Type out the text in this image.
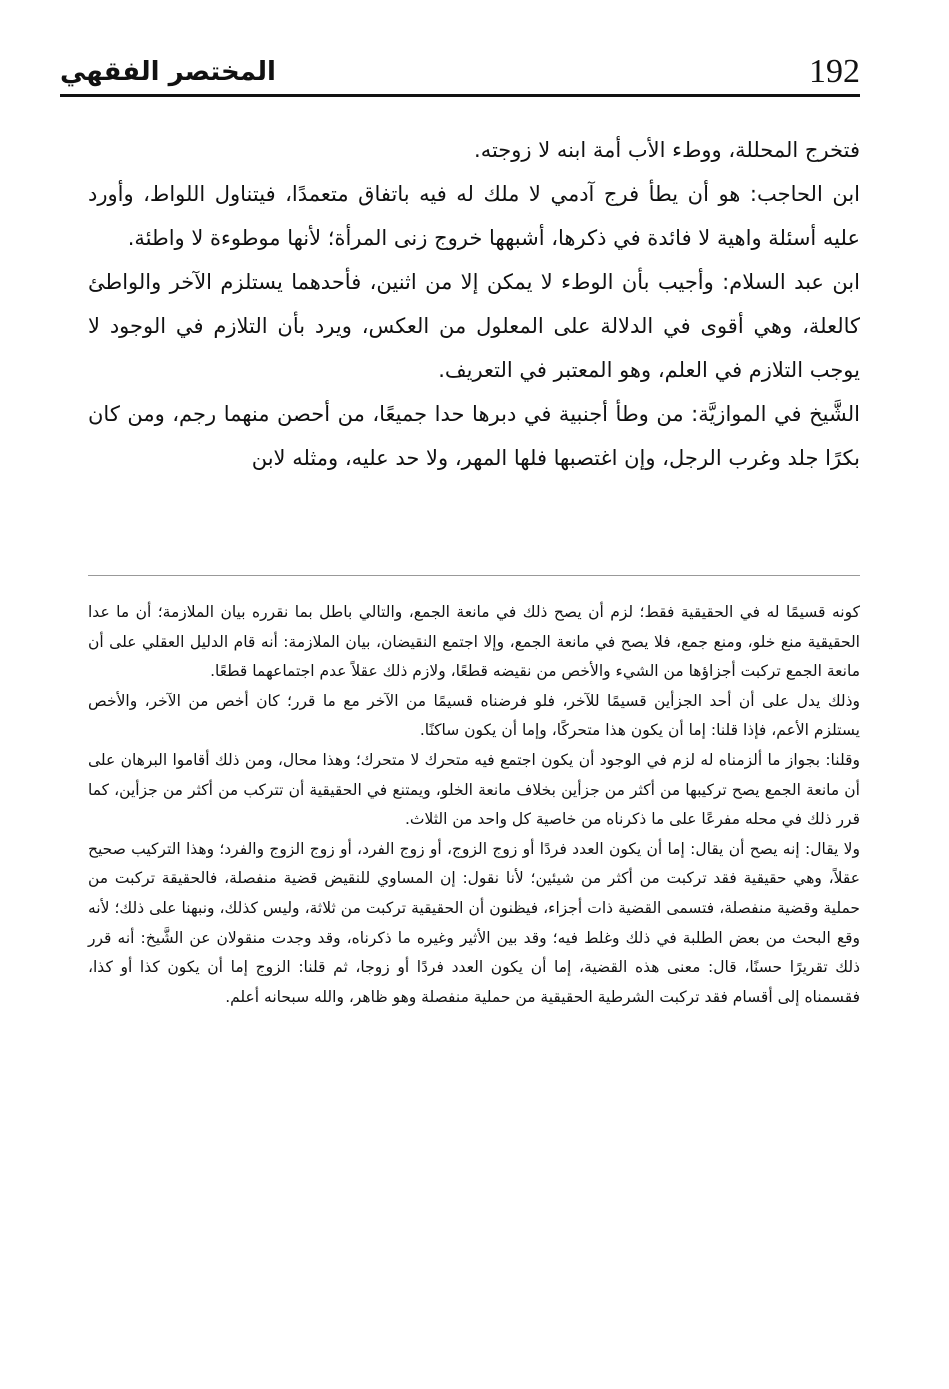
192
المختصر الفقهي

فتخرج المحللة، ووطء الأب أمة ابنه لا زوجته.

ابن الحاجب: هو أن يطأ فرج آدمي لا ملك له فيه باتفاق متعمدًا، فيتناول اللواط، وأورد عليه أسئلة واهية لا فائدة في ذكرها، أشبهها خروج زنى المرأة؛ لأنها موطوءة لا واطئة.

ابن عبد السلام: وأجيب بأن الوطء لا يمكن إلا من اثنين، فأحدهما يستلزم الآخر والواطئ كالعلة، وهي أقوى في الدلالة على المعلول من العكس، ويرد بأن التلازم في الوجود لا يوجب التلازم في العلم، وهو المعتبر في التعريف.

الشَّيخ في الموازيَّة: من وطأ أجنبية في دبرها حدا جميعًا، من أحصن منهما رجم، ومن كان بكرًا جلد وغرب الرجل، وإن اغتصبها فلها المهر، ولا حد عليه، ومثله لابن

كونه قسيمًا له في الحقيقية فقط؛ لزم أن يصح ذلك في مانعة الجمع، والتالي باطل بما نقرره بيان الملازمة؛ أن ما عدا الحقيقية منع خلو، ومنع جمع، فلا يصح في مانعة الجمع، وإلا اجتمع النقيضان، بيان الملازمة: أنه قام الدليل العقلي على أن مانعة الجمع تركبت أجزاؤها من الشيء والأخص من نقيضه قطعًا، ولازم ذلك عقلاً عدم اجتماعهما قطعًا.

وذلك يدل على أن أحد الجزأين قسيمًا للآخر، فلو فرضناه قسيمًا من الآخر مع ما قرر؛ كان أخص من الآخر، والأخص يستلزم الأعم، فإذا قلنا: إما أن يكون هذا متحركًا، وإما أن يكون ساكنًا.

وقلنا: بجواز ما ألزمناه له لزم في الوجود أن يكون اجتمع فيه متحرك لا متحرك؛ وهذا محال، ومن ذلك أقاموا البرهان على أن مانعة الجمع يصح تركيبها من أكثر من جزأين بخلاف مانعة الخلو، ويمتنع في الحقيقية أن تتركب من أكثر من جزأين، كما قرر ذلك في محله مفرعًا على ما ذكرناه من خاصية كل واحد من الثلاث.

ولا يقال: إنه يصح أن يقال: إما أن يكون العدد فردًا أو زوج الزوج، أو زوج الفرد، أو زوج الزوج والفرد؛ وهذا التركيب صحيح عقلاً، وهي حقيقية فقد تركبت من أكثر من شيئين؛ لأنا نقول: إن المساوي للنقيض قضية منفصلة، فالحقيقة تركبت من حملية وقضية منفصلة، فتسمى القضية ذات أجزاء، فيظنون أن الحقيقية تركبت من ثلاثة، وليس كذلك، ونبهنا على ذلك؛ لأنه وقع البحث من بعض الطلبة في ذلك وغلط فيه؛ وقد بين الأثير وغيره ما ذكرناه، وقد وجدت منقولان عن الشَّيخ: أنه قرر ذلك تقريرًا حسنًا، قال: معنى هذه القضية، إما أن يكون العدد فردًا أو زوجا، ثم قلنا: الزوج إما أن يكون كذا أو كذا، فقسمناه إلى أقسام فقد تركبت الشرطية الحقيقية من حملية منفصلة وهو ظاهر، والله سبحانه أعلم.
